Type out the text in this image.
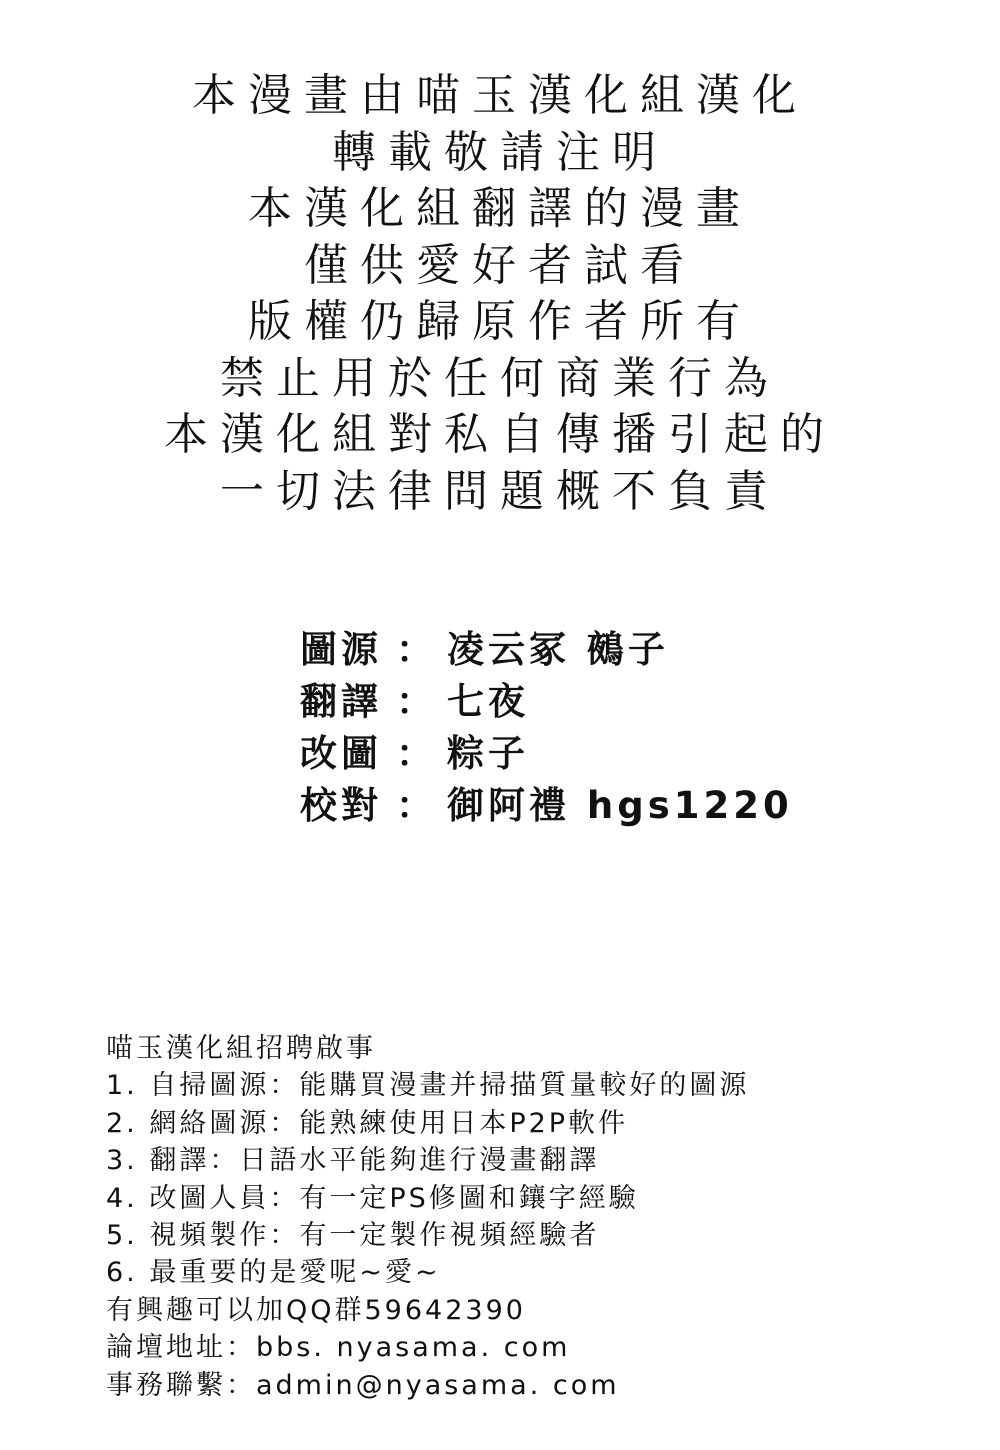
本漫畫由喵玉漢化組漢化
轉載敬請注明
本漢化組翻譯的漫畫
僅供愛好者試看
版權仍歸原作者所有
禁止用於任何商業行為
本漢化組對私自傳播引起的
一切法律問題概不負責
圖源 ： 凌云冢 鵺子
翻譯 ： 七夜
改圖 ： 粽子
校對 ： 御阿禮 hgs1220
喵玉漢化組招聘啟事
1. 自掃圖源：能購買漫畫并掃描質量較好的圖源
2. 網絡圖源：能熟練使用日本P2P軟件
3. 翻譯：日語水平能夠進行漫畫翻譯
4. 改圖人員：有一定PS修圖和鑲字經驗
5. 視頻製作：有一定製作視頻經驗者
6. 最重要的是愛呢~愛~
有興趣可以加QQ群59642390
論壇地址：bbs. nyasama. com
事務聯繫：admin@nyasama. com
